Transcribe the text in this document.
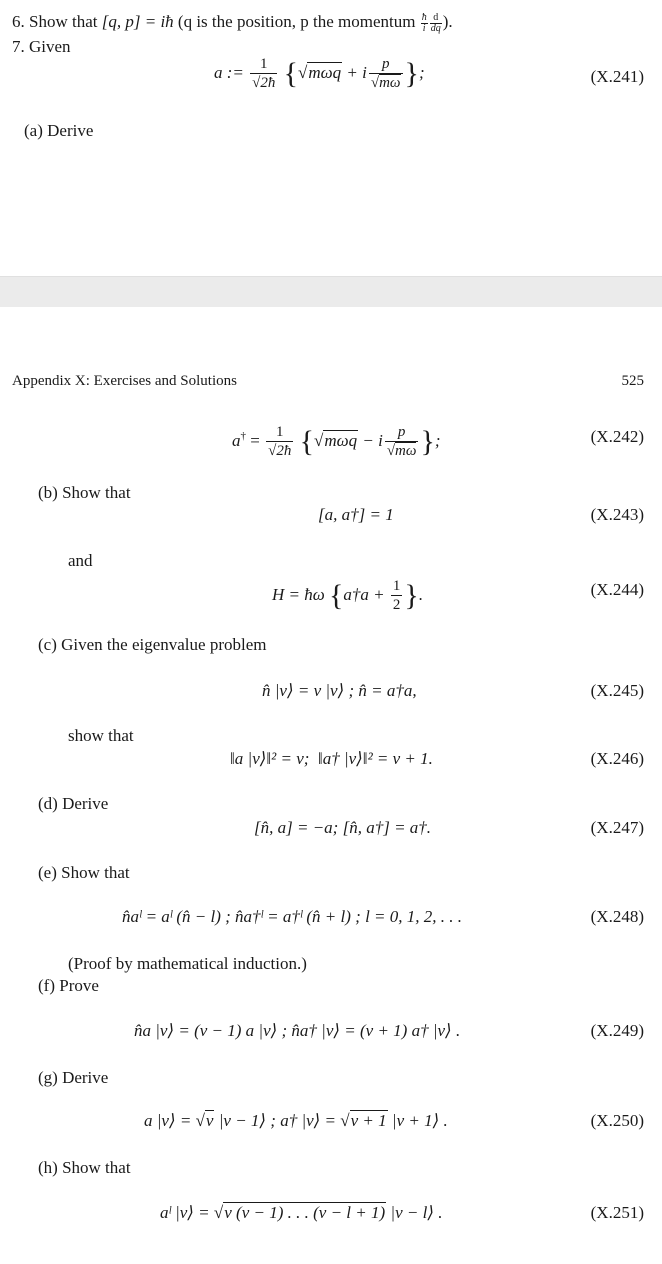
6. Show that [q, p] = iħ (q is the position, p the momentum $\frac{ħ}{i} \frac{d}{dq}$ ).
7. Given
a := $\frac{1}{√2ħ} \{√m\omega q + i \frac{p}{√m\omega}$ };	(X.241)
(a) Derive
Appendix X: Exercises and Solutions	525
$a^\dagger = \frac{1}{√2ħ} \{√m\omega q - i \frac{p}{√m\omega}$ };	(X.242)
(b) Show that
[a, a†] = 1	(X.243)
and
H = ħω {a†a + $\frac{1}{2}$ }.	(X.244)
(c) Given the eigenvalue problem
n̂ |ν⟩ = ν |ν⟩ ; n̂ = a†a,	(X.245)
show that
‖a |ν⟩‖² = ν; ‖a† |ν⟩‖² = ν + 1.	(X.246)
(d) Derive
[n̂, a] = −a; [n̂, a†] = a†.	(X.247)
(e) Show that
n̂aˡ = aˡ (n̂ − l) ; n̂a†ˡ = a†ˡ (n̂ + l) ; l = 0, 1, 2, . . .	(X.248)
(Proof by mathematical induction.)
(f) Prove
n̂a |ν⟩ = (ν − 1) a |ν⟩ ; n̂a† |ν⟩ = (ν + 1) a† |ν⟩ .	(X.249)
(g) Derive
a |ν⟩ = √ν |ν − 1⟩ ; a† |ν⟩ = √ν + 1 |ν + 1⟩ .	(X.250)
(h) Show that
aˡ |ν⟩ = √ν (ν − 1) . . . (ν − l + 1) |ν − l⟩ .	(X.251)
